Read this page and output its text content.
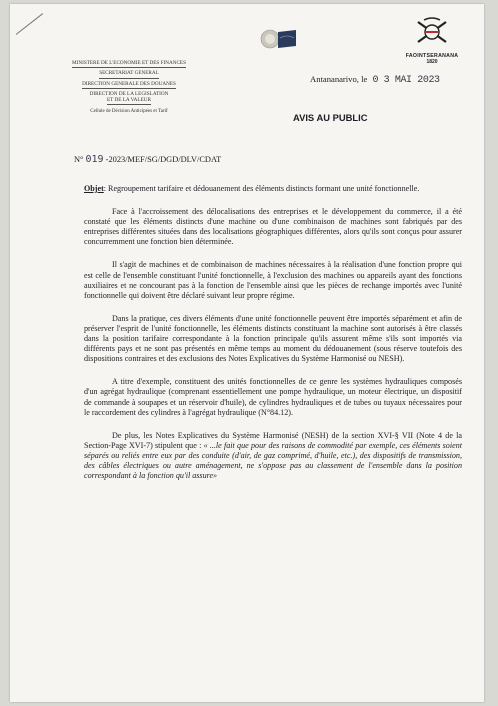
MINISTERE DE L'ECONOMIE ET DES FINANCES
SECRETARIAT GENERAL
DIRECTION GENERALE DES DOUANES
DIRECTION DE LA LEGISLATION
ET DE LA VALEUR
Cellule de Décision Anticipées et Tarif
FAOINTSERANANA
1820
Antananarivo, le 0 3 MAI 2023
AVIS AU PUBLIC
N° 019 -2023/MEF/SG/DGD/DLV/CDAT

Objet: Regroupement tarifaire et dédouanement des éléments distincts formant une unité fonctionnelle.

Face à l'accroissement des délocalisations des entreprises et le développement du commerce, il a été constaté que les éléments distincts d'une machine ou d'une combinaison de machines sont fabriqués par des entreprises différentes situées dans des localisations géographiques différentes, alors qu'ils sont conçus pour assurer concurremment une fonction bien déterminée.

Il s'agit de machines et de combinaison de machines nécessaires à la réalisation d'une fonction propre qui est celle de l'ensemble constituant l'unité fonctionnelle, à l'exclusion des machines ou appareils ayant des fonctions auxiliaires et ne concourant pas à la fonction de l'ensemble ainsi que les pièces de rechange importés avec l'unité fonctionnelle qui doivent être déclaré suivant leur propre régime.

Dans la pratique, ces divers éléments d'une unité fonctionnelle peuvent être importés séparément et afin de préserver l'esprit de l'unité fonctionnelle, les éléments distincts constituant la machine sont autorisés à être classés dans la position tarifaire correspondante à la fonction principale qu'ils assurent même s'ils sont importés via différents pays et ne sont pas présentés en même temps au moment du dédouanement (sous réserve toutefois des dispositions contraires et des exclusions des Notes Explicatives du Système Harmonisé ou NESH).

A titre d'exemple, constituent des unités fonctionnelles de ce genre les systèmes hydrauliques composés d'un agrégat hydraulique (comprenant essentiellement une pompe hydraulique, un moteur électrique, un dispositif de commande à soupapes et un réservoir d'huile), de cylindres hydrauliques et de tubes ou tuyaux nécessaires pour le raccordement des cylindres à l'agrégat hydraulique (N°84.12).

De plus, les Notes Explicatives du Système Harmonisé (NESH) de la section XVI-§ VII (Note 4 de la Section-Page XVI-7) stipulent que : « ...le fait que pour des raisons de commodité par exemple, ces éléments soient séparés ou reliés entre eux par des conduite (d'air, de gaz comprimé, d'huile, etc.), des dispositifs de transmission, des câbles électriques ou autre aménagement, ne s'oppose pas au classement de l'ensemble dans la position correspondant à la fonction qu'il assure»
